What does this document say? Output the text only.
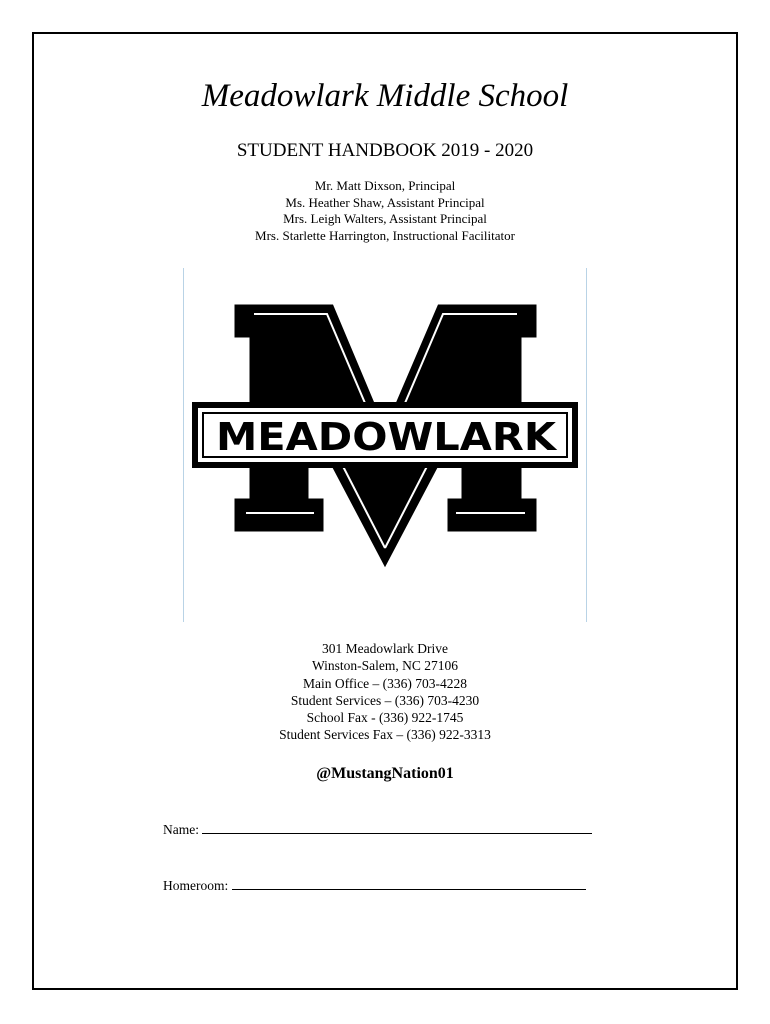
Meadowlark Middle School
STUDENT HANDBOOK 2019 - 2020
Mr. Matt Dixson, Principal
Ms. Heather Shaw, Assistant Principal
Mrs. Leigh Walters, Assistant Principal
Mrs. Starlette Harrington, Instructional Facilitator
MEADOWLARK
301 Meadowlark Drive
Winston-Salem, NC 27106
Main Office – (336) 703-4228
Student Services – (336) 703-4230
School Fax - (336) 922-1745
Student Services Fax – (336) 922-3313
@MustangNation01
Name:
Homeroom:
